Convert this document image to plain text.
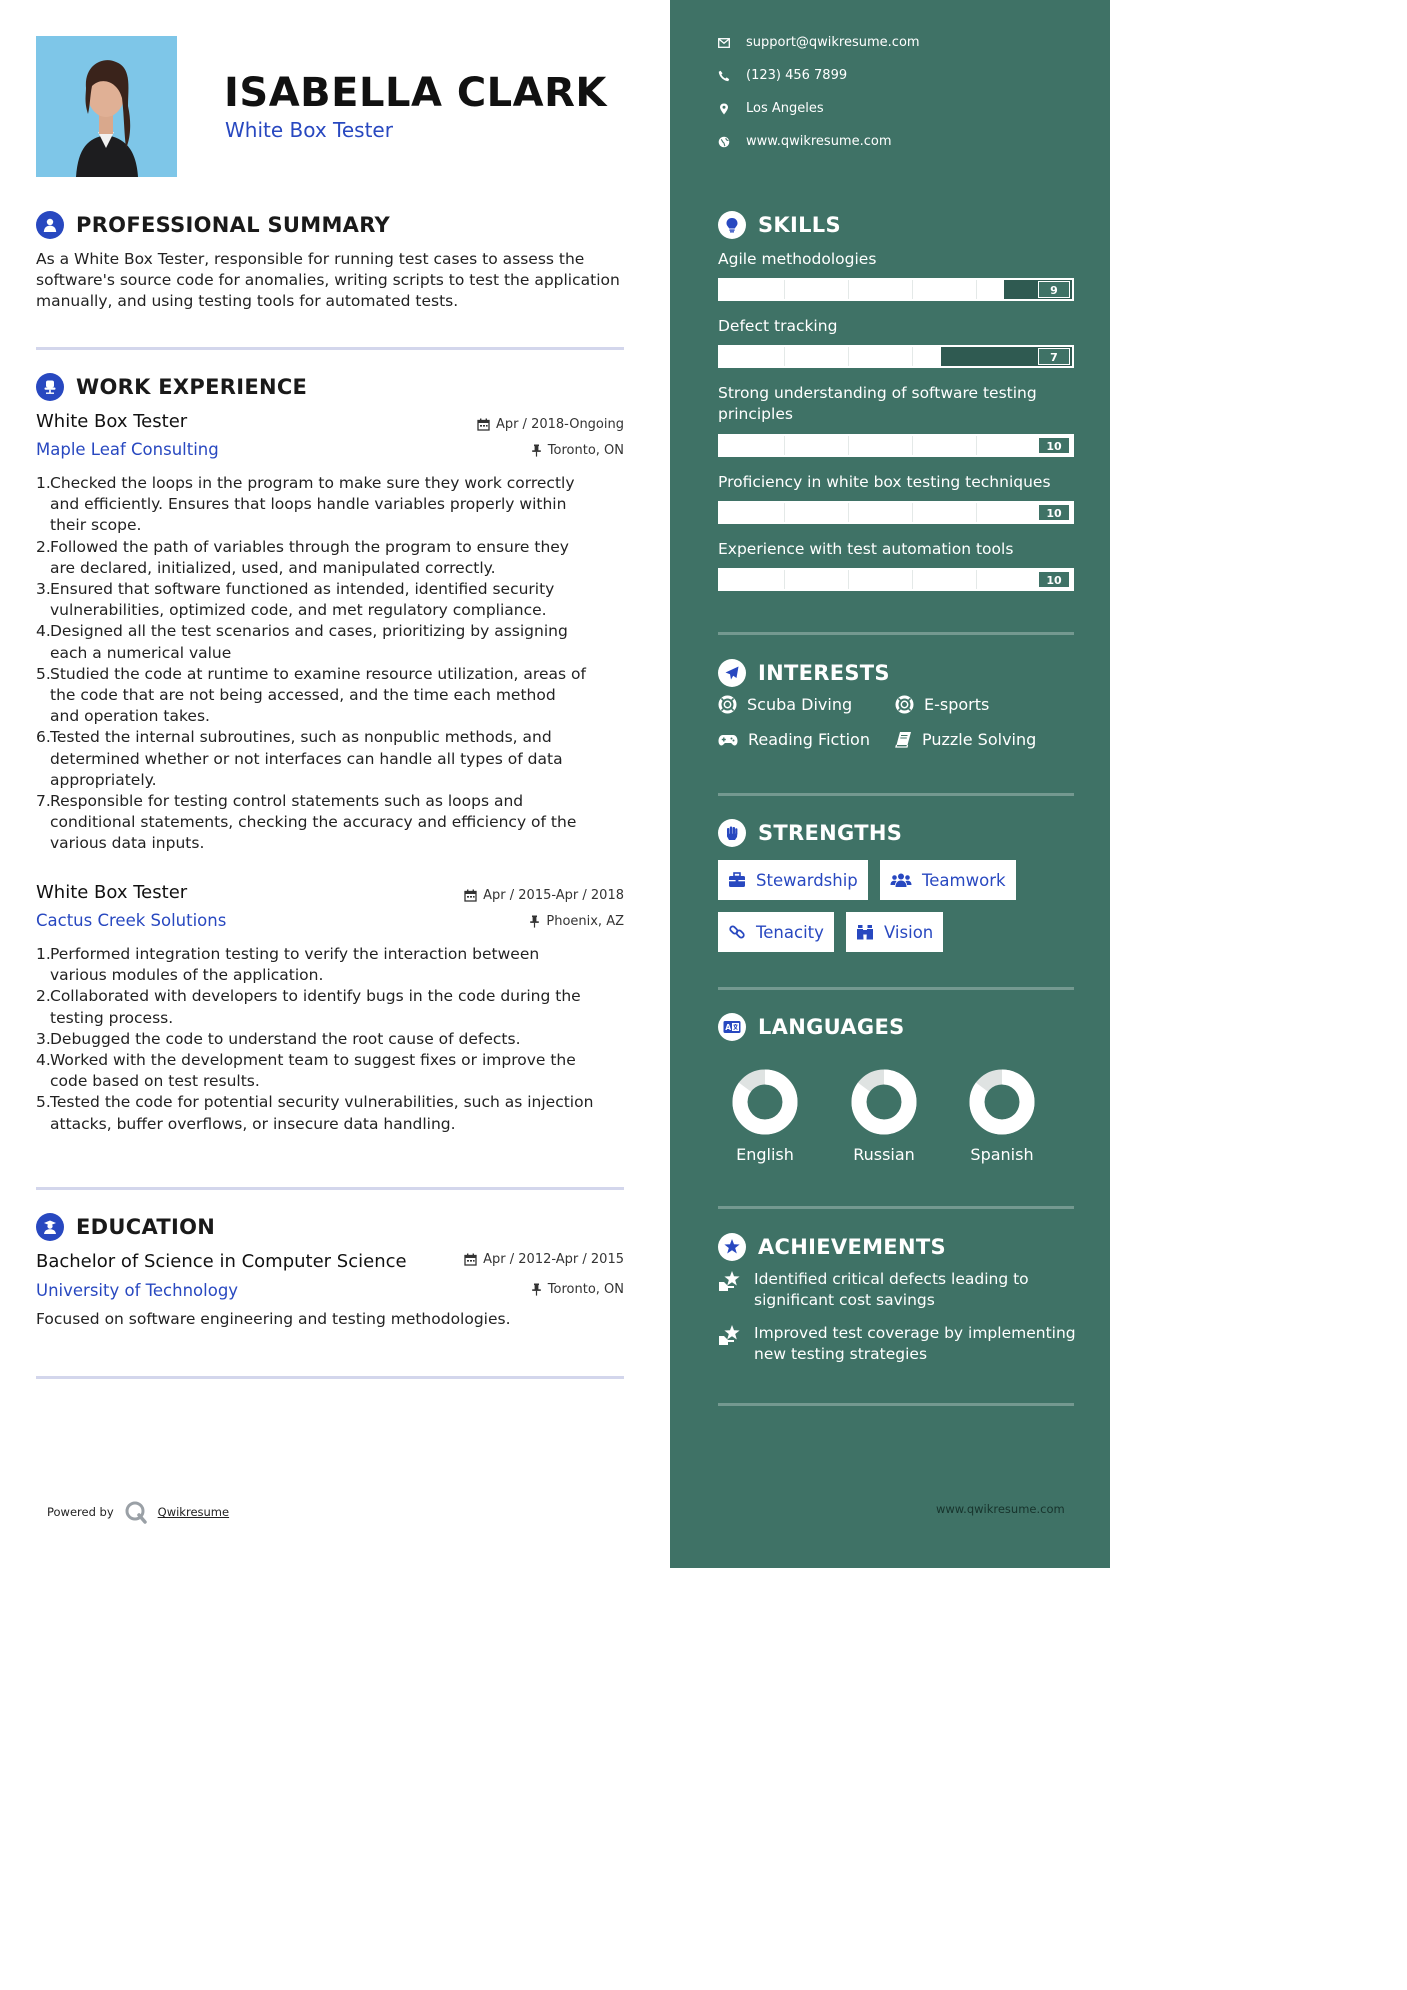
ISABELLA CLARK
White Box Tester
PROFESSIONAL SUMMARY
As a White Box Tester, responsible for running test cases to assess the software's source code for anomalies, writing scripts to test the application manually, and using testing tools for automated tests.
WORK EXPERIENCE
White Box Tester	Apr / 2018-Ongoing
Maple Leaf Consulting	Toronto, ON
1. Checked the loops in the program to make sure they work correctly
and efficiently. Ensures that loops handle variables properly within
their scope.
2. Followed the path of variables through the program to ensure they
are declared, initialized, used, and manipulated correctly.
3. Ensured that software functioned as intended, identified security
vulnerabilities, optimized code, and met regulatory compliance.
4. Designed all the test scenarios and cases, prioritizing by assigning
each a numerical value
5. Studied the code at runtime to examine resource utilization, areas of
the code that are not being accessed, and the time each method
and operation takes.
6. Tested the internal subroutines, such as nonpublic methods, and
determined whether or not interfaces can handle all types of data
appropriately.
7. Responsible for testing control statements such as loops and
conditional statements, checking the accuracy and efficiency of the
various data inputs.
White Box Tester	Apr / 2015-Apr / 2018
Cactus Creek Solutions	Phoenix, AZ
1. Performed integration testing to verify the interaction between
various modules of the application.
2. Collaborated with developers to identify bugs in the code during the
testing process.
3. Debugged the code to understand the root cause of defects.
4. Worked with the development team to suggest fixes or improve the
code based on test results.
5. Tested the code for potential security vulnerabilities, such as injection
attacks, buffer overflows, or insecure data handling.
EDUCATION
Bachelor of Science in Computer Science	Apr / 2012-Apr / 2015
University of Technology	Toronto, ON
Focused on software engineering and testing methodologies.
Powered by	Qwikresume
support@qwikresume.com
(123) 456 7899
Los Angeles
www.qwikresume.com
SKILLS
Agile methodologies
9
Defect tracking
7
Strong understanding of software testing principles
10
Proficiency in white box testing techniques
10
Experience with test automation tools
10
INTERESTS
Scuba Diving	E-sports
Reading Fiction	Puzzle Solving
STRENGTHS
Stewardship	Teamwork
Tenacity	Vision
A LANGUAGES
English	Russian	Spanish
ACHIEVEMENTS
Identified critical defects leading to significant cost savings
Improved test coverage by implementing new testing strategies
www.qwikresume.com
